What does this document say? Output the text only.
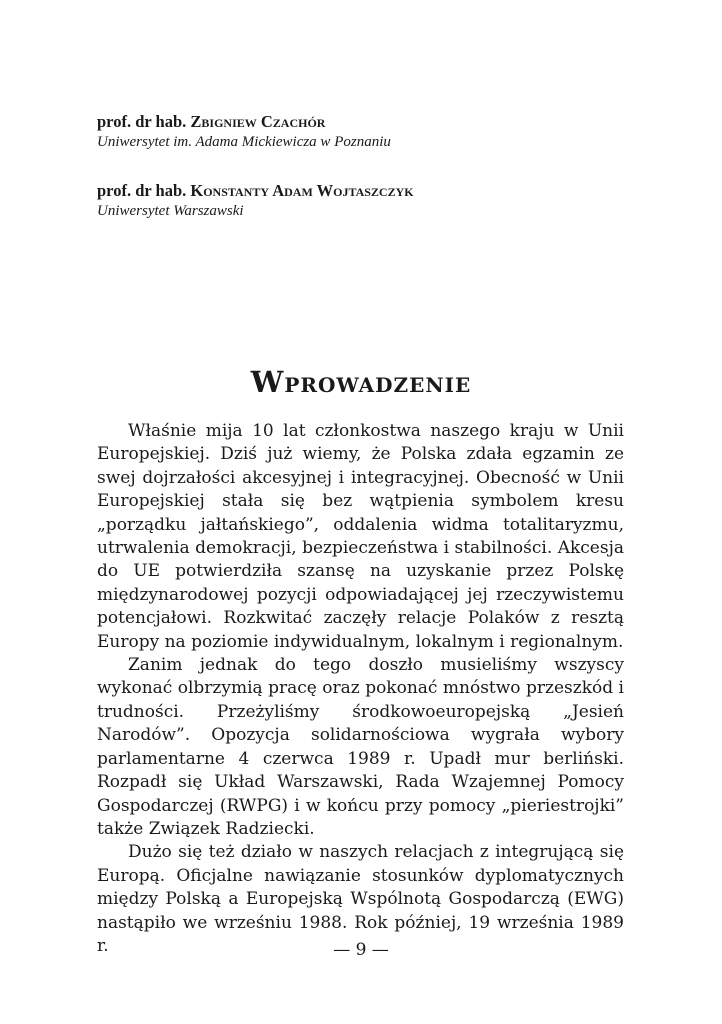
prof. dr hab. Zbigniew Czachór

Uniwersytet im. Adama Mickiewicza w Poznaniu

prof. dr hab. Konstanty Adam Wojtaszczyk

Uniwersytet Warszawski

Wprowadzenie

Właśnie mija 10 lat członkostwa naszego kraju w Unii Europejskiej. Dziś już wiemy, że Polska zdała egzamin ze swej dojrzałości akcesyjnej i integracyjnej. Obecność w Unii Europejskiej stała się bez wątpienia symbolem kresu „porządku jałtańskiego”, oddalenia widma totalitaryzmu, utrwalenia demokracji, bezpieczeństwa i stabilności. Akcesja do UE potwierdziła szansę na uzyskanie przez Polskę międzynarodowej pozycji odpowiadającej jej rzeczywistemu potencjałowi. Rozkwitać zaczęły relacje Polaków z resztą Europy na poziomie indywidualnym, lokalnym i regionalnym.

Zanim jednak do tego doszło musieliśmy wszyscy wykonać olbrzymią pracę oraz pokonać mnóstwo przeszkód i trudności. Przeżyliśmy środkowoeuropejską „Jesień Narodów”. Opozycja solidarnościowa wygrała wybory parlamentarne 4 czerwca 1989 r. Upadł mur berliński. Rozpadł się Układ Warszawski, Rada Wzajemnej Pomocy Gospodarczej (RWPG) i w końcu przy pomocy „pieriestrojki” także Związek Radziecki.

Dużo się też działo w naszych relacjach z integrującą się Europą. Oficjalne nawiązanie stosunków dyplomatycznych między Polską a Europejską Wspólnotą Gospodarczą (EWG) nastąpiło we wrześniu 1988. Rok później, 19 września 1989 r.	— 9 —
